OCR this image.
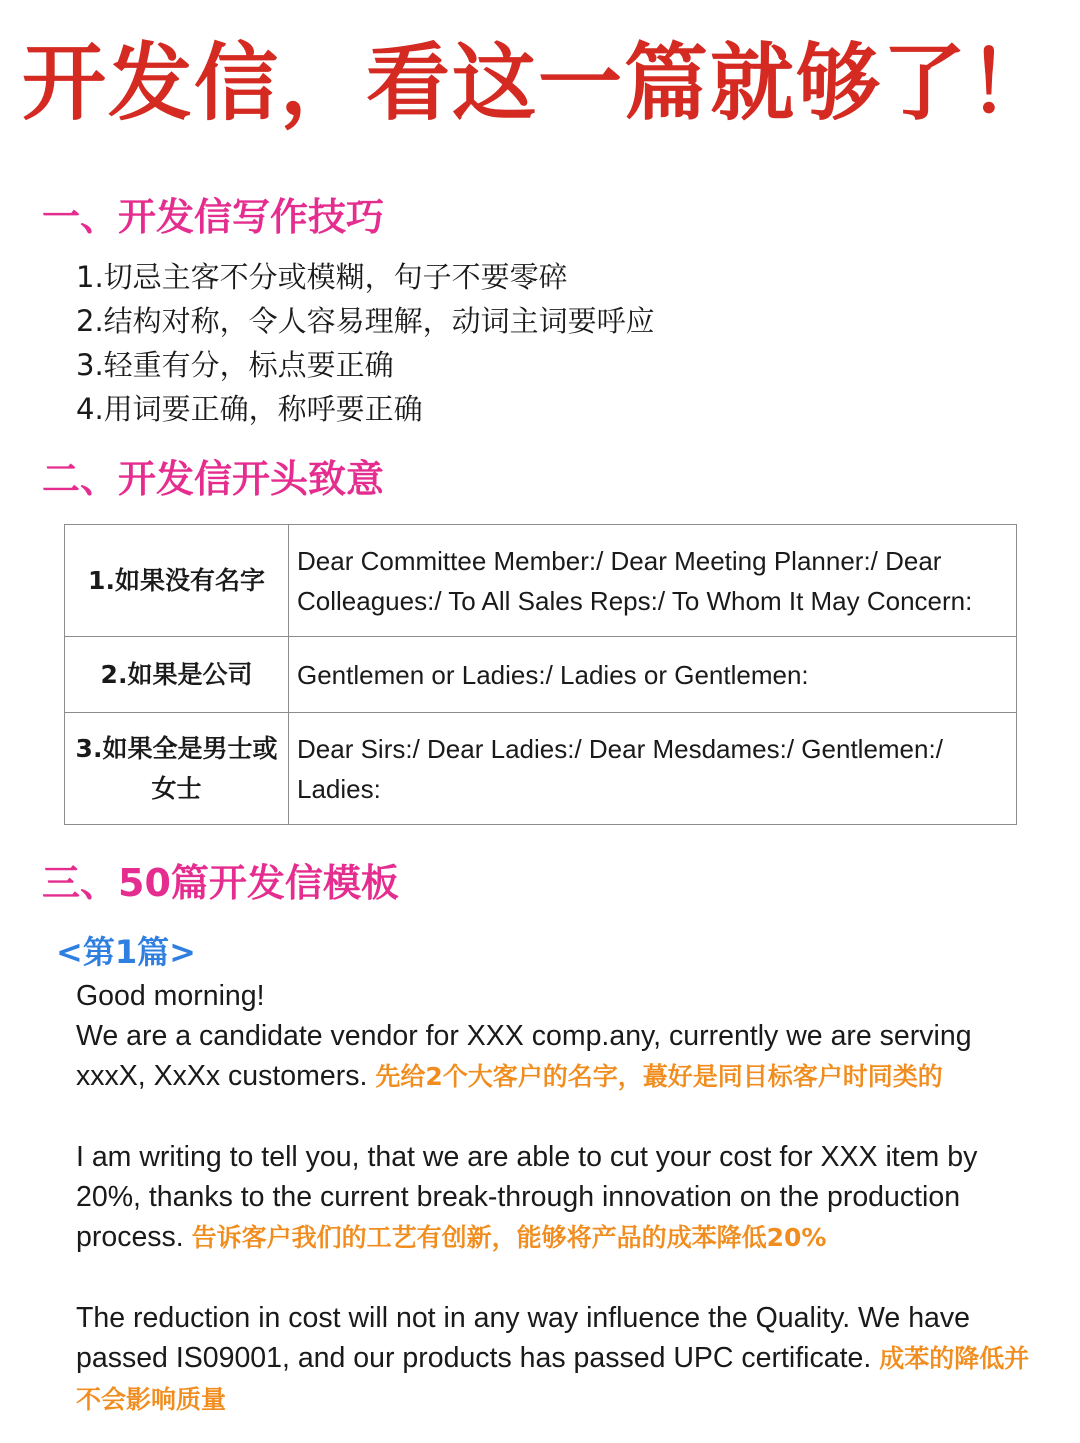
开发信，看这一篇就够了！
一、开发信写作技巧
1.切忌主客不分或模糊，句子不要零碎
2.结构对称，令人容易理解，动词主词要呼应
3.轻重有分，标点要正确
4.用词要正确，称呼要正确
二、开发信开头致意
1.如果没有名字	Dear Committee Member:/ Dear Meeting Planner:/ Dear Colleagues:/ To All Sales Reps:/ To Whom It May Concern:
2.如果是公司	Gentlemen or Ladies:/ Ladies or Gentlemen:
3.如果全是男士或女士	Dear Sirs:/ Dear Ladies:/ Dear Mesdames:/ Gentlemen:/ Ladies:
三、50篇开发信模板
<第1篇>

Good morning!
We are a candidate vendor for XXX comp.any, currently we are serving xxxX, XxXx customers. 先给2个大客户的名字，蕞好是同目标客户时同类的

I am writing to tell you, that we are able to cut your cost for XXX item by 20%, thanks to the current break-through innovation on the production process. 告诉客户我们的工艺有创新，能够将产品的成苯降低20%

The reduction in cost will not in any way influence the Quality. We have passed IS09001, and our products has passed UPC certificate. 成苯的降低并不会影响质量
